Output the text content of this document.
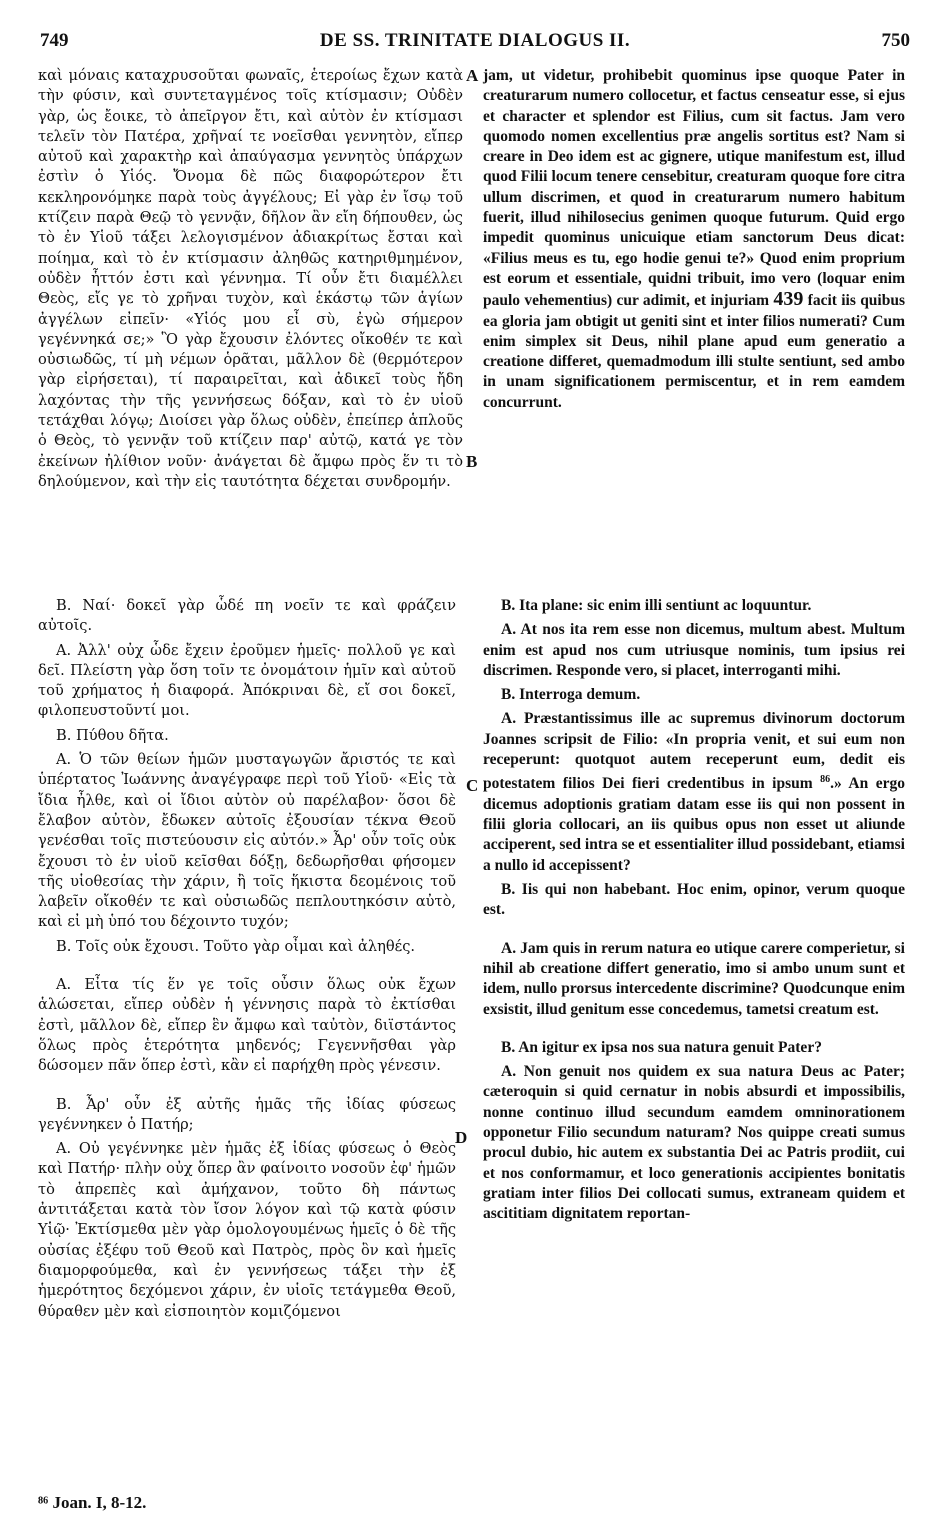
749	DE SS. TRINITATE DIALOGUS II.	750

καὶ μόναις καταχρυσοῦται φωναῖς, ἑτεροίως ἔχων κατὰ τὴν φύσιν, καὶ συντεταγμένος τοῖς κτίσμασιν; Οὐδὲν γὰρ, ὡς ἔοικε, τὸ ἀπεῖργον ἔτι, καὶ αὐτὸν ἐν κτίσμασι τελεῖν τὸν Πατέρα, χρῆναί τε νοεῖσθαι γεννητὸν, εἴπερ αὐτοῦ καὶ χαρακτὴρ καὶ ἀπαύγασμα γεννητὸς ὑπάρχων ἐστὶν ὁ Υἱός. Ὄνομα δὲ πῶς διαφορώτερον ἔτι κεκληρονόμηκε παρὰ τοὺς ἀγγέλους; Εἰ γὰρ ἐν ἴσῳ τοῦ κτίζειν παρὰ Θεῷ τὸ γεννᾷν, δῆλον ἂν εἴη δήπουθεν, ὡς τὸ ἐν Υἱοῦ τάξει λελογισμένον ἀδιακρίτως ἔσται καὶ ποίημα, καὶ τὸ ἐν κτίσμασιν ἀληθῶς κατηριθμημένον, οὐδὲν ἧττόν ἐστι καὶ γέννημα. Τί οὖν ἔτι διαμέλλει Θεὸς, εἴς γε τὸ χρῆναι τυχὸν, καὶ ἑκάστῳ τῶν ἁγίων ἀγγέλων εἰπεῖν· «Υἱός μου εἶ σὺ, ἐγὼ σήμερον γεγέννηκά σε;» Ὃ γὰρ ἔχουσιν ἐλόντες οἴκοθέν τε καὶ οὐσιωδῶς, τί μὴ νέμων ὁρᾶται, μᾶλλον δὲ (θερμότερον γὰρ εἰρήσεται), τί παραιρεῖται, καὶ ἀδικεῖ τοὺς ἤδη λαχόντας τὴν τῆς γεννήσεως δόξαν, καὶ τὸ ἐν υἱοῦ τετάχθαι λόγῳ; Διοίσει γὰρ ὅλως οὐδὲν, ἐπείπερ ἁπλοῦς ὁ Θεὸς, τὸ γεννᾷν τοῦ κτίζειν παρ' αὐτῷ, κατά γε τὸν ἐκείνων ἠλίθιον νοῦν· ἀνάγεται δὲ ἄμφω πρὸς ἕν τι τὸ δηλούμενον, καὶ τὴν εἰς ταυτότητα δέχεται συνδρομήν.

jam, ut videtur, prohibebit quominus ipse quoque Pater in creaturarum numero collocetur, et factus censeatur esse, si ejus et character et splendor est Filius, cum sit factus. Jam vero quomodo nomen excellentius præ angelis sortitus est? Nam si creare in Deo idem est ac gignere, utique manifestum est, illud quod Filii locum tenere censebitur, creaturam quoque fore citra ullum discrimen, et quod in creaturarum numero habitum fuerit, illud nihilosecius genimen quoque futurum. Quid ergo impedit quominus unicuique etiam sanctorum Deus dicat: «Filius meus es tu, ego hodie genui te?» Quod enim proprium est eorum et essentiale, quidni tribuit, imo vero (loquar enim paulo vehementius) cur adimit, et injuriam 439 facit iis quibus ea gloria jam obtigit ut geniti sint et inter filios numerati? Cum enim simplex sit Deus, nihil plane apud eum generatio a creatione differet, quemadmodum illi stulte sentiunt, sed ambo in unam significationem permiscentur, et in rem eamdem concurrunt.

A
B
C
D

Β. Ναί· δοκεῖ γὰρ ὧδέ πη νοεῖν τε καὶ φράζειν αὐτοῖς.

Α. Ἀλλ' οὐχ ὧδε ἔχειν ἐροῦμεν ἡμεῖς· πολλοῦ γε καὶ δεῖ. Πλείστη γὰρ ὅση τοῖν τε ὀνομάτοιν ἡμῖν καὶ αὐτοῦ τοῦ χρήματος ἡ διαφορά. Ἀπόκριναι δὲ, εἴ σοι δοκεῖ, φιλοπευστοῦντί μοι.

Β. Πύθου δῆτα.

Α. Ὁ τῶν θείων ἡμῶν μυσταγωγῶν ἄριστός τε καὶ ὑπέρτατος Ἰωάννης ἀναγέγραφε περὶ τοῦ Υἱοῦ· «Εἰς τὰ ἴδια ἦλθε, καὶ οἱ ἴδιοι αὐτὸν οὐ παρέλαβον· ὅσοι δὲ ἔλαβον αὐτὸν, ἔδωκεν αὐτοῖς ἐξουσίαν τέκνα Θεοῦ γενέσθαι τοῖς πιστεύουσιν εἰς αὐτόν.» Ἆρ' οὖν τοῖς οὐκ ἔχουσι τὸ ἐν υἱοῦ κεῖσθαι δόξῃ, δεδωρῆσθαι φήσομεν τῆς υἱοθεσίας τὴν χάριν, ἢ τοῖς ἥκιστα δεομένοις τοῦ λαβεῖν οἴκοθέν τε καὶ οὐσιωδῶς πεπλουτηκόσιν αὐτὸ, καὶ εἰ μὴ ὑπό του δέχοιντο τυχόν;

Β. Τοῖς οὐκ ἔχουσι. Τοῦτο γὰρ οἶμαι καὶ ἀληθές.

Α. Εἶτα τίς ἕν γε τοῖς οὖσιν ὅλως οὐκ ἔχων ἁλώσεται, εἴπερ οὐδὲν ἡ γέννησις παρὰ τὸ ἐκτίσθαι ἐστὶ, μᾶλλον δὲ, εἴπερ ἓν ἄμφω καὶ ταὐτὸν, διϊστάντος ὅλως πρὸς ἑτερότητα μηδενός; Γεγεννῆσθαι γὰρ δώσομεν πᾶν ὅπερ ἐστὶ, κἂν εἰ παρήχθη πρὸς γένεσιν.

Β. Ἆρ' οὖν ἐξ αὐτῆς ἡμᾶς τῆς ἰδίας φύσεως γεγέννηκεν ὁ Πατήρ;

Α. Οὐ γεγέννηκε μὲν ἡμᾶς ἐξ ἰδίας φύσεως ὁ Θεὸς καὶ Πατήρ· πλὴν οὐχ ὅπερ ἂν φαίνοιτο νοσοῦν ἐφ' ἡμῶν τὸ ἀπρεπὲς καὶ ἀμήχανον, τοῦτο δὴ πάντως ἀντιτάξεται κατὰ τὸν ἴσον λόγον καὶ τῷ κατὰ φύσιν Υἱῷ· Ἐκτίσμεθα μὲν γὰρ ὁμολογουμένως ἡμεῖς ὁ δὲ τῆς οὐσίας ἐξέφυ τοῦ Θεοῦ καὶ Πατρὸς, πρὸς ὃν καὶ ἡμεῖς διαμορφούμεθα, καὶ ἐν γεννήσεως τάξει τὴν ἐξ ἡμερότητος δεχόμενοι χάριν, ἐν υἱοῖς τετάγμεθα Θεοῦ, θύραθεν μὲν καὶ εἰσποιητὸν κομιζόμενοι

B. Ita plane: sic enim illi sentiunt ac loquuntur.

A. At nos ita rem esse non dicemus, multum abest. Multum enim est apud nos cum utriusque nominis, tum ipsius rei discrimen. Responde vero, si placet, interroganti mihi.

B. Interroga demum.

A. Præstantissimus ille ac supremus divinorum doctorum Joannes scripsit de Filio: «In propria venit, et sui eum non receperunt: quotquot autem receperunt eum, dedit eis potestatem filios Dei fieri credentibus in ipsum $^{86}$.» An ergo dicemus adoptionis gratiam datam esse iis qui non possent in filii gloria collocari, an iis quibus opus non esset ut aliunde acciperent, sed intra se et essentialiter illud possidebant, etiamsi a nullo id accepissent?

B. Iis qui non habebant. Hoc enim, opinor, verum quoque est.

A. Jam quis in rerum natura eo utique carere comperietur, si nihil ab creatione differt generatio, imo si ambo unum sunt et idem, nullo prorsus intercedente discrimine? Quodcunque enim exsistit, illud genitum esse concedemus, tametsi creatum est.

B. An igitur ex ipsa nos sua natura genuit Pater?

A. Non genuit nos quidem ex sua natura Deus ac Pater; cæteroquin si quid cernatur in nobis absurdi et impossibilis, nonne continuo illud secundum eamdem omninorationem opponetur Filio secundum naturam? Nos quippe creati sumus procul dubio, hic autem ex substantia Dei ac Patris prodiit, cui et nos conformamur, et loco generationis accipientes bonitatis gratiam inter filios Dei collocati sumus, extraneam quidem et ascititiam dignitatem reportan-

⁸⁶ Joan. I, 8-12.
